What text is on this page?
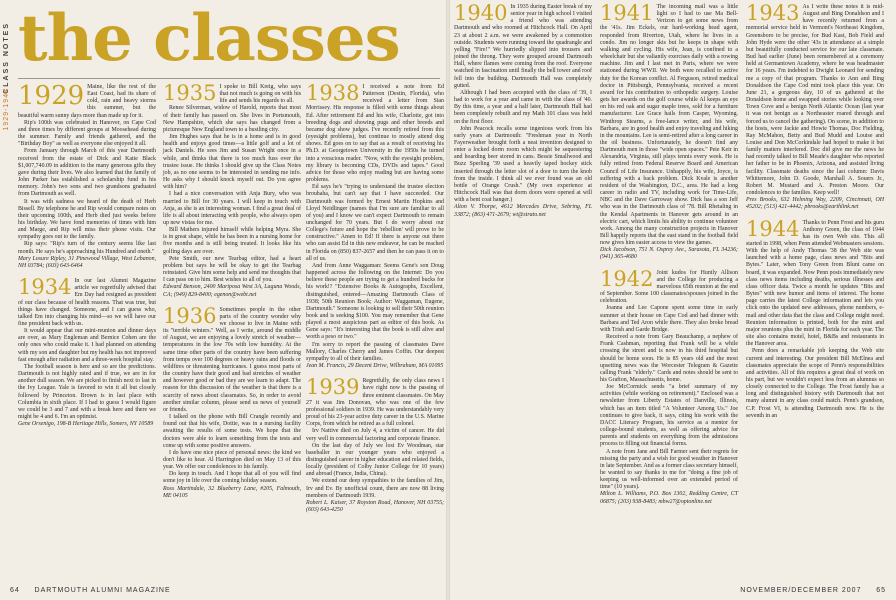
CLASS NOTES
1929-1944
the classes
1929 Maine, like the rest of the East Coast, had its share of cold, rain and heavy storms this summer, but the beautiful warm sunny days more than made up for it.

Rip's 100th was celebrated in Hanover, on Cape Cod and three times by different groups at Moosehead during the summer. Family and friends gathered, and the "Birthday Boy" as well as everyone else enjoyed it all.

From January through March of this year Dartmouth received from the estate of Dick and Katie Black $1,007,740.09 in addition to the many generous gifts they gave during their lives. We also learned that the family of John Parker has established a scholarship fund in his memory. John's two sons and two grandsons graduated from Dartmouth as well.

It was with sadness we heard of the death of Herb Bissell. By telephone he and Rip would compare notes on their upcoming 100th, and Herb died just weeks before his birthday. We have fond memories of times with him and Marge, and Rip will miss their phone visits. Our sympathy goes out to the family.

Rip says: "Rip's turn of the century seems like last month. He says he's approaching his Hundred and oneth."

Mary Losure Ripley, 31 Pinewood Village, West Lebanon, NH 03784; (603) 643-6464

1934 In our last Alumni Magazine article we regretfully advised that Em Day had resigned as president of our class because of health reasons. That was true, but things have changed. Someone, and I can guess who, talked Em into changing his mind—so we will have our fine president back with us.

It would appear that our mini-reunion and dinner days are over, as Mary Engleman and Bernice Cohen are the only ones who could make it. I had planned on attending with my son and daughter but my health has not improved fast enough after radiation and a three-week hospital stay.

The football season is here and so are the predictions. Dartmouth is not highly rated and if true, we are in for another dull season. We are picked to finish next to last in the Ivy League. Yale is favored to win it all but closely followed by Princeton. Brown is in last place with Columbia in sixth place. If I had to guess I would figure we could be 3 and 7 and with a break here and there we might be 4 and 6. I'm an optimist.

Gene Orsenigo, 198-B Heritage Hills, Somers, NY 10589

1935 I spoke to Bill Kreig, who says that not much is going on with his life and sends his regards to all.

Renee Silverman, widow of Harold, reports that most of their family has passed on. She lives in Portsmouth, New Hampshire, which she says has changed from a picturesque New England town to a bustling city.

Jim Hughes says that he is in a home and is in good health and enjoys good times—a little golf and a lot of jack Daniels. He sees Jim and Susan Wright once in a while, and thinks that there is too much fuss over the trustee issue. He thinks I should give up the Class Notes job, as no one seems to be interested in sending me info. He asks why I should knock myself out. Do you agree with him?

I had a nice conversation with Anja Bury, who was married to Bill for 30 years. I will keep in touch with Anja, as she is an interesting woman. I find a great deal of life is all about interacting with people, who always open up new vistas for me.

Bill Mathers injured himself while helping Myra. She is in great shape, while he has been in a nursing home for five months and is still being treated. It looks like his golfing days are over.

Pete Smith, our new Tearbag editor, had a heart problem but says he will be okay to get the Tearbag reinstated. Give him some help and send me thoughts that I can pass on to him. Best wishes to all of you.

Edward Benson, 2400 Mariposa West 3A, Laguna Woods, CA; (949) 829-8400; egenon@webt.net

1936 Sometimes people in the other parts of the country wonder why we choose to live in Maine with its "terrible winters." Well, as I write, around the middle of August, we are enjoying a lovely stretch of weather—temperatures in the low 70s with low humidity. At the same time other parts of the country have been suffering from temps over 100 degrees or heavy rains and floods or wildfires or threatening hurricanes. I guess most parts of the country have their good and bad stretches of weather and however good or bad they are we learn to adapt. The reason for this discussion of the weather is that there is a scarcity of news about classmates. So, in order to avoid another similar column, please send us news of yourself or friends.

I talked on the phone with Bill Crangle recently and found out that his wife, Dottie, was in a nursing facility awaiting the results of some tests. We hope that the doctors were able to learn something from the tests and come up with some positive answers.

I do have one nice piece of personal news: the kind we don't like to hear. Al Harrington died on May 13 of this year. We offer our condolences to his family.

Do keep in touch. And I hope that all of you will find some joy in life over the coming holiday season.

Ross Martindale, 32 Blueberry Lane, #205, Falmouth, ME 04105

1938 I received a note from Ed Patterson (Destin, Florida), who received a letter from Stan Morrissey. His response is filled with some things about Ed. After retirement Ed and his wife, Charlotte, got into breeding dogs and showing pugs and other breeds and became dog show judges. I've recently retired from this (eyesight problems), but continue to mostly attend dog shows. Ed goes on to say that as a result of receiving his Ph.D. at Georgetown University in the 1950s he turned into a voracious reader. "Now, with the eyesight problem, my library is becoming CDs, DVDs and tapes." Good advice for those who enjoy reading but are having some problems.

Ed says he's "trying to understand the trustee election brouhaha, but can't say that I have succeeded. Our Dartmouth was formed by Ernest Martin Hopkins and Lloyd Neidlinger (names that I'm sure are familiar to all of you) and I know we can't expect Dartmouth to remain unchanged for 70 years. But I do worry about our College's future and hope the 'rebellion' will prove to be constructive." Amen to Ed! If there is anyone out there who can assist Ed in this new endeavor, he can be reached in Florida on (850) 837-2657 and then he can pass it on to all of us.

And from Anne Waggaman: Seems Gene's son Doug happened across the following on the Internet: Do you believe these people are trying to get a hundred bucks for his work!? "Extensive Books & Autographs, Excellent, distinguished, entered—Amazing Dartmouth Class of 1938; 50th Reunion Book; Author: Waggaman, Eugene, Dartmouth." Someone is looking to sell their 50th reunion book and is seeking $100. You may remember that Gene played a most auspicious part as editor of this book. As Gene says: "It's interesting that the book is still alive and worth a peso or two."

I'm sorry to report the passing of classmates Dave Mallory, Charles Cherry and James Coffin. Our deepest sympathy to all of their families.

Jean M. Francis, 29 Decent Drive, Wilbraham, MA 01095

1939 Regretfully, the only class news I have right now is the passing of three eminent classmates. On May 27 it was Jim Donovan, who was one of the few professional soldiers in 1939. He was understandably very proud of his 23-year active duty career in the U.S. Marine Corps, from which he retired as a full colonel.

Irv Nattive died on July 4, a victim of cancer. He did very well in commercial factoring and corporate finance.

On the last day of July we lost Ev Woodman, star baseballer in our younger years who enjoyed a distinguished career in higher education and related fields, locally (president of Colby Junior College for 10 years) and abroad (France, India, China).

We extend our deep sympathies to the families of Jim, Irv and Ev. By unofficial count, there are now 88 living members of Dartmouth 1939.

Robert L. Kaiser, 37 Royston Road, Hanover, NH 03755; (603) 643-4250

64 DARTMOUTH ALUMNI MAGAZINE
1940 In 1935 during Easter break of my senior year in high school I visited a friend who was attending Dartmouth and who roomed at Hitchcock Hall. On April 23 at about 2 a.m. we were awakened by a commotion outside. Students were running toward the quadrangle and yelling "Fire!" We hurriedly slipped into trousers and joined the throng. They were grouped around Dartmouth Hall, where flames were coming from the roof. Everyone watched in fascination until finally the bell tower and roof fell into the building. Dartmouth Hall was completely gutted.

Although I had been accepted with the class of '39, I had to work for a year and came in with the class of '40. By this time, a year and a half later, Dartmouth Hall had been completely rebuilt and my Math 101 class was held on the first floor.

John Peacock recalls some ingenious work from his early years at Dartmouth: "Freshman year in North Fayerweather brought forth a neat invention designed to enter a locked dorm room which might be sequestering and hoarding beer stored in cans. Bessie Smallwood and Buzz Sperling '39 used a heavily taped hockey stick inserted through the letter slot of a door to turn the knob from the inside. I think all we ever found was an old bottle of Orange Crush." (My own experience at Hitchcock Hall was that dorm doors were opened at will with a bent coat hanger.)

Alton V. Thorpe, 4612 Mercedes Drive, Sebring, FL 33872; (863) 471-2679; wt@strato.net

1941 The incoming mail was a little light so I had to use Ma Bell-Verizon to get some news from the '41s. Jim Eckels, our hard-working head agent, responded from Riverton, Utah, where he lives in a condo. Jim no longer skis but he keeps in shape with walking and cycling. His wife, Jean, is confined to a wheelchair but she valiantly exercises daily with a rowing machine. Jim and I last met in Paris, where we were stationed during WWII. We both were recalled to active duty for the Korean conflict. Al Ferguson, retired medical doctor in Pittsburgh, Pennsylvania, received a recent award for his contribution to orthopedic surgery. Louise gets her awards on the golf course while Al keeps an eye on his red oak and sugar maple trees, sold for a furniture manufacturer. Lee Grace hails from Casper, Wyoming. Winthrop Stearns, a free-lance writer, and his wife, Barbara, are in good health and enjoy traveling and hiking in the mountains. Lee is semi-retired after a long career in the oil business. Unfortunately, he doesn't find any Dartmouth men in those "wide open spaces." Pete Keir in Alexandria, Virginia, still plays tennis every week. He is fully retired from Federal Reserve Board and American Council of Life Insurance. Unhappily, his wife, Joyce, is suffering with a back problem. Dick Kvale is another resident of the Washington, D.C., area. He had a long career in radio and TV, including work for Time-Life, NBC and the Dave Garroway show. Dick has a son Jeff who was in the Dartmouth class of '78. Bill Rhetaling in the Kendal Apartments in Hanover gets around in an electric cart, which limits his ability to continue volunteer work. Among the many construction projects in Hanover Bill happily reports that the east stand in the football field now gives him easier access to view the games.

Dick Jacobson, 751 N. Osprey Ave., Sarasota, FL 34236; (941) 365-4680

1942 Joint kudos for Huntly Allison and the College for producing a marvelous 65th reunion at the end of September. Some 100 classmates/spouses joined in the celebration.

Joanna and Lee Capone spent some time in early summer at their house on Cape Cod and had dinner with Barbara and Ted Aron while there. They also broke bread with Trish and Garde Bridge.

Received a note from Gary Beauchamp, a nephew of Frank Cashman, reporting that Frank will be a while crossing the street and is now in his third hospital but should be home soon. He is 85 years old and the most upsetting news was the Worcester Telegram & Gazette calling Frank "elderly." Cards and notes should be sent to his Grafton, Massachusetts, home.

Joe McCormick sends "a brief summary of my activities (while working on retirement)." Enclosed was a newsletter from Liberty Estates of Danville, Illinois, which has an item titled "A Volunteer Among Us." Joe continues to give back, it says, citing his work with the DACC Literacy Program, his service as a mentor for college-bound students, as well as offering advice for parents and students on everything from the admissions process to filling out financial forms.

A note from Jane and Bill Farmer sent their regrets for missing the party and a wish for good weather in Hanover in late September. And as a former class secretary himself, he wanted to say thanks to me for "doing a fine job of keeping us well-informed over an extended period of time" (10 years).

Milton L. Williams, P.O. Box 1302, Redding Centre, CT 06875; (203) 938-8483; mbw27@optonline.net

1943 As I write these notes it is mid-August and Bing Donaldson and I have recently returned from a memorial service held in Vermont's Northeast Kingdom, Greensboro to be precise, for Bud Kast, Bob Field and John Hyde were the other '43s in attendance at a simple but beautifully conducted service for our late classmate. Bud had earlier (June) been remembered at a ceremony held at Germantown Academy, where he was headmaster for 16 years. I'm indebted to Dwight Leonard for sending me a copy of that program. Thanks to Ann and Bing Donaldson the Cape Cod mini took place this year. On June 21, a gorgeous day, 10 of us gathered at the Donaldson home and swapped stories while looking over Town Cove and a benign North Atlantic Ocean (last year it was not benign as a Northeaster roared through and forced us to cancel the gathering). On scene, in addition to the hosts, were Jackie and Howie Thomas, Doc Fielding, Ray McMahon, Betty and Bud Mudd and Louise and Louise and Don McCorkindale had hoped to make it but family matters interfered. Doc did give me the news he had recently talked to Bill Meade's daughter who reported her father to be in Phoenix, Arizona, and assisted living facility. Classmate deaths since the last column: Davis Whittemore, John D. Goode, Marshall A. Souers Jr., Robert M. Mustard and A. Preston Moore. Our condolences to the families. Keep well!

Pres Brooks, 632 Helming Way, 2209, Cincinnati, OH 45202; (513) 421-4442; pbrooks@earthlink.net

1944 Thanks to Penn Frost and his guru Anthony Green, the class of 1944 has its own Web site. This all started in 1998, when Penn attended Webmasters sessions. With the help of Andy Thomas '38 the Web site was launched with a home page, class news and "Bits and Bytes." Later, when Tony Green from Blunt came on board, it was expanded. Now Penn posts immediately new class news items including deaths, serious illnesses and class officer data. Twice a month he updates "Bits and Bytes" with new humor and items of interest. The home page carries the latest College information and lets you click onto the updated new addresses, phone numbers, e-mail and other data that the class and College might need. Reunion information is printed, both for the mini and major reunions plus the mini in Florida for each year. The site also contains motel, hotel, B&Bs and restaurants in the Hanover area.

Penn does a remarkable job keeping the Web site current and interesting. Our president Bill McElnea and classmates appreciate the scope of Penn's responsibilities and activities. All of this requires a great deal of work on his part, but we wouldn't expect less from an alumnus so closely connected to the College. The Frost family has a long and distinguished history with Dartmouth that not many alumni in any class could match. Penn's grandson, C.P. Frost VI, is attending Dartmouth now. He is the seventh in an

NOVEMBER/DECEMBER 2007 65
